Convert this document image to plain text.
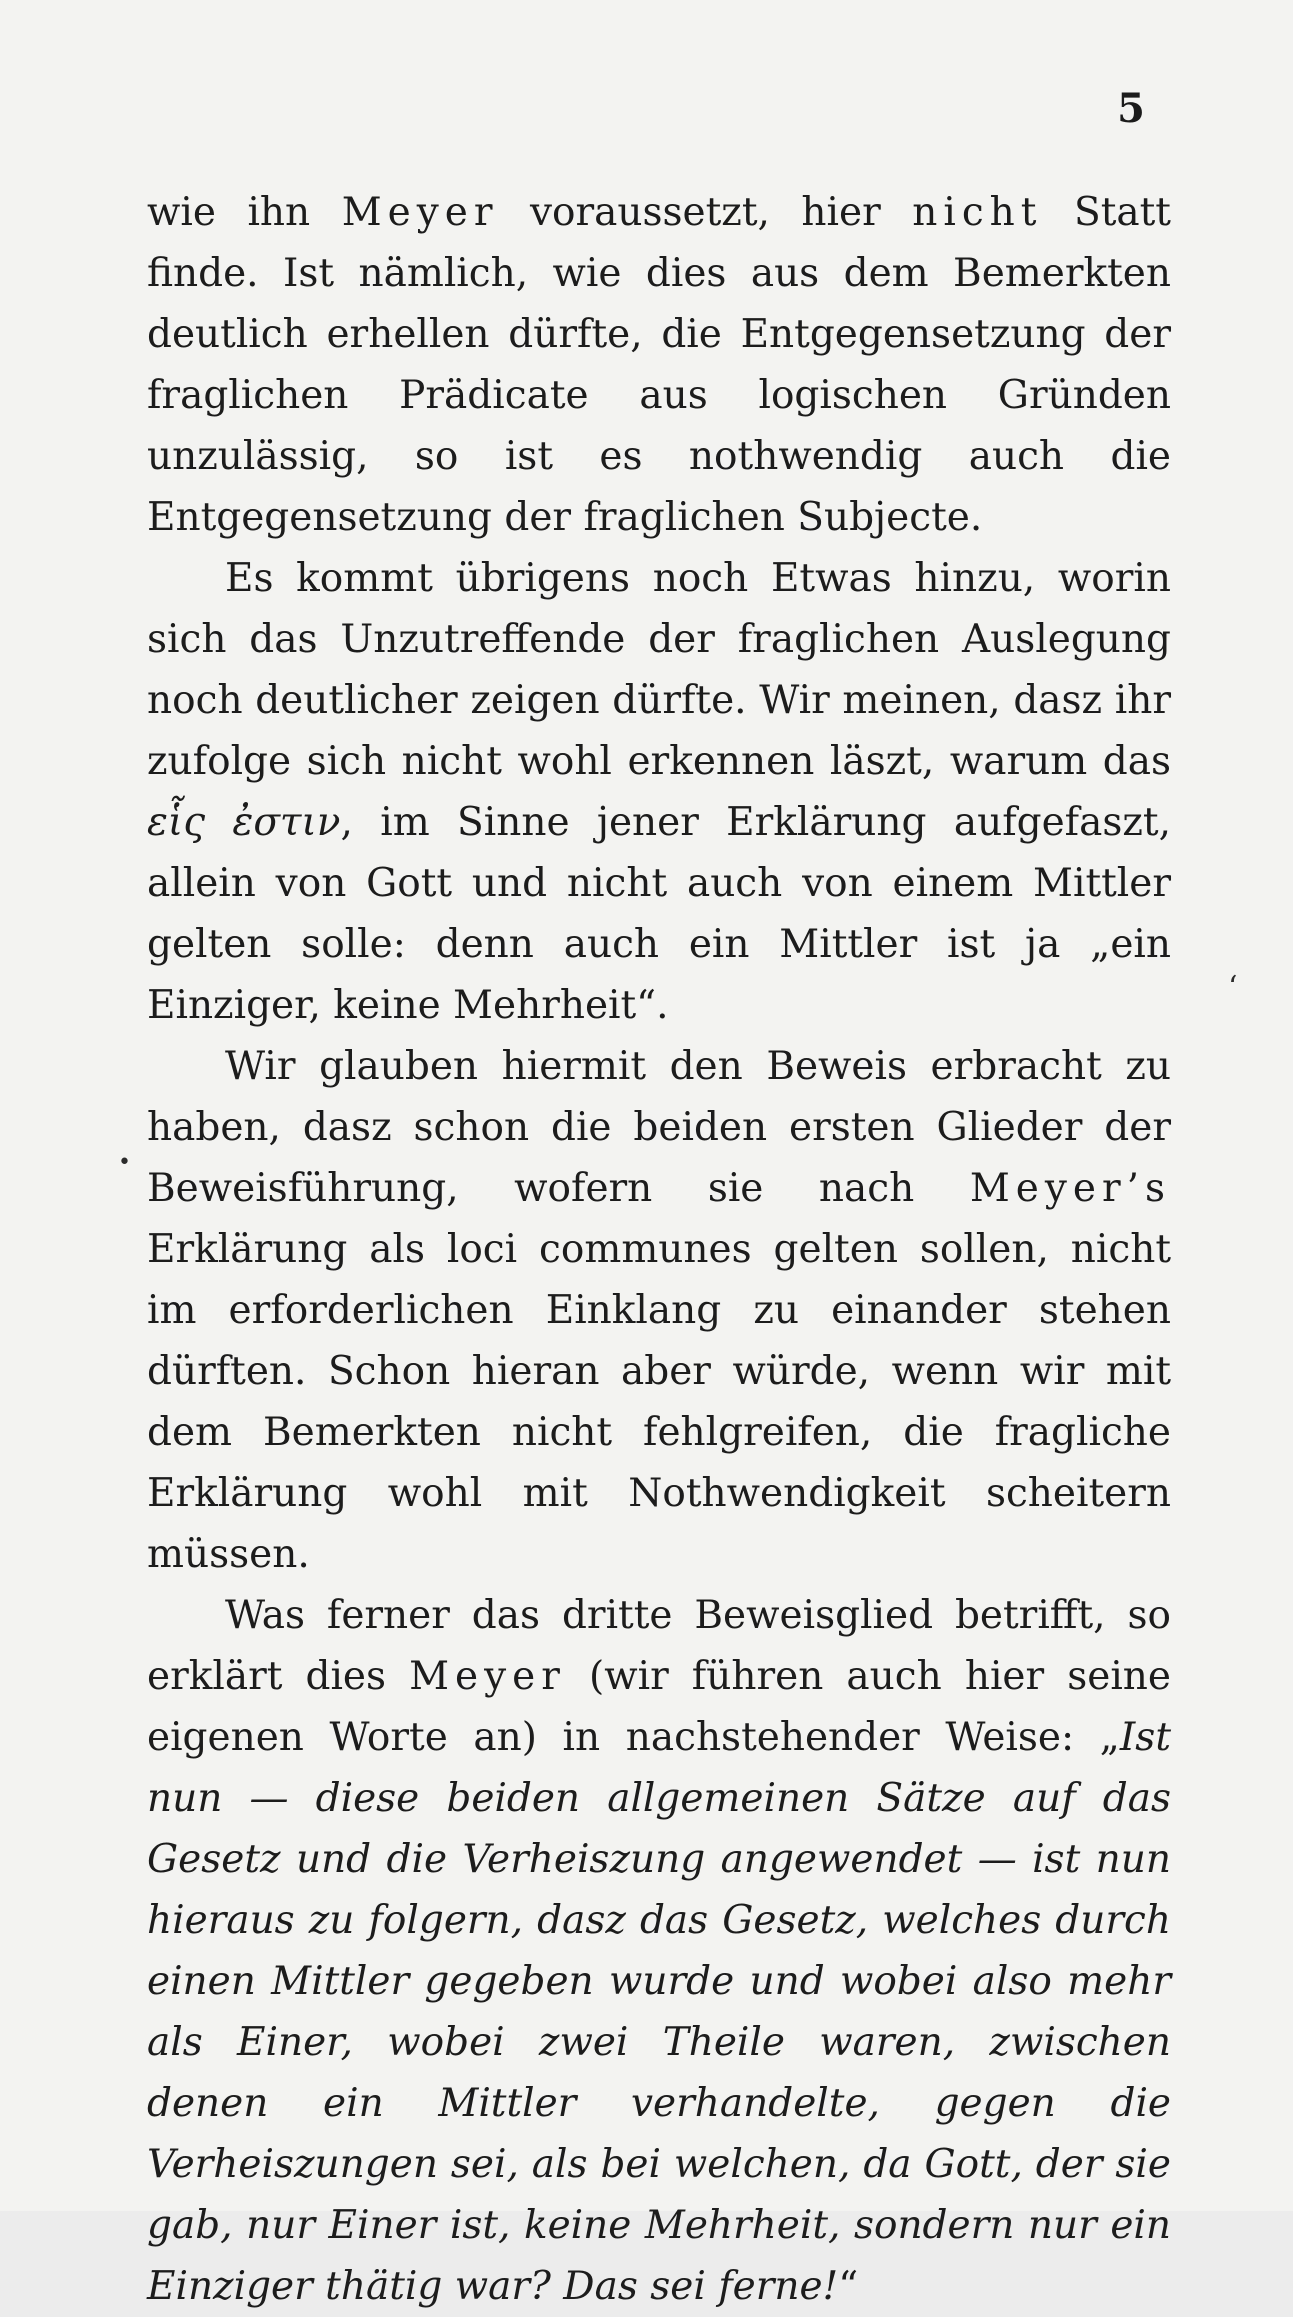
5

wie ihn Meyer voraussetzt, hier nicht Statt finde. Ist nämlich, wie dies aus dem Bemerkten deutlich erhellen dürfte, die Entgegensetzung der fraglichen Prädicate aus logischen Gründen unzulässig, so ist es nothwendig auch die Entgegensetzung der fraglichen Subjecte.

Es kommt übrigens noch Etwas hinzu, worin sich das Unzutreffende der fraglichen Auslegung noch deutlicher zeigen dürfte. Wir meinen, dasz ihr zufolge sich nicht wohl erkennen läszt, warum das εἷς ἐστιν, im Sinne jener Erklärung aufgefaszt, allein von Gott und nicht auch von einem Mittler gelten solle: denn auch ein Mittler ist ja „ein Einziger, keine Mehrheit“.

Wir glauben hiermit den Beweis erbracht zu haben, dasz schon die beiden ersten Glieder der Beweisführung, wofern sie nach Meyer’s Erklärung als loci communes gelten sollen, nicht im erforderlichen Einklang zu einander stehen dürften. Schon hieran aber würde, wenn wir mit dem Bemerkten nicht fehlgreifen, die fragliche Erklärung wohl mit Nothwendigkeit scheitern müssen.

Was ferner das dritte Beweisglied betrifft, so erklärt dies Meyer (wir führen auch hier seine eigenen Worte an) in nachstehender Weise: „Ist nun — diese beiden allgemeinen Sätze auf das Gesetz und die Verheiszung angewendet — ist nun hieraus zu folgern, dasz das Gesetz, welches durch einen Mittler gegeben wurde und wobei also mehr als Einer, wobei zwei Theile waren, zwischen denen ein Mittler verhandelte, gegen die Verheiszungen sei, als bei welchen, da Gott, der sie gab, nur Einer ist, keine Mehrheit, sondern nur ein Einziger thätig war? Das sei ferne!“

‘
•
